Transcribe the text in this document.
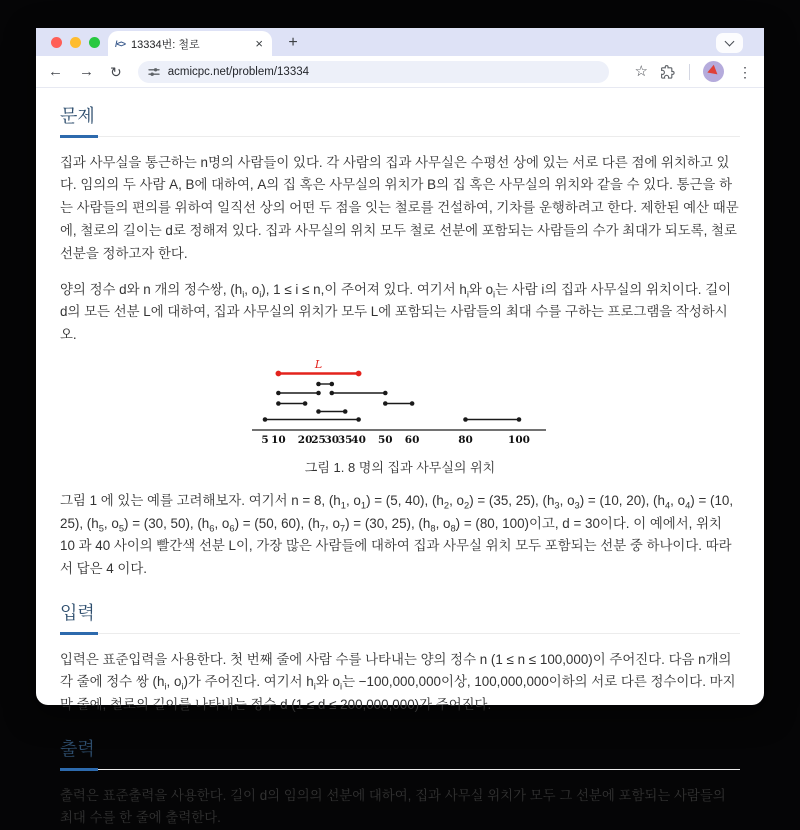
/<> 13334번: 철로	×	+
← → ↻	acmicpc.net/problem/13334	☆	⋮
문제

집과 사무실을 통근하는 n명의 사람들이 있다. 각 사람의 집과 사무실은 수평선 상에 있는 서로 다른 점에 위치하고 있다. 임의의 두 사람 A, B에 대하여, A의 집 혹은 사무실의 위치가 B의 집 혹은 사무실의 위치와 같을 수 있다. 통근을 하는 사람들의 편의를 위하여 일직선 상의 어떤 두 점을 잇는 철로를 건설하여, 기차를 운행하려고 한다. 제한된 예산 때문에, 철로의 길이는 d로 정해져 있다. 집과 사무실의 위치 모두 철로 선분에 포함되는 사람들의 수가 최대가 되도록, 철로 선분을 정하고자 한다.

양의 정수 d와 n 개의 정수쌍, ($h_i$, $o_i$), 1 ≤ i ≤ n,이 주어져 있다. 여기서 $h_i$와 $o_i$는 사람 i의 집과 사무실의 위치이다. 길이 d의 모든 선분 L에 대하여, 집과 사무실의 위치가 모두 L에 포함되는 사람들의 최대 수를 구하는 프로그램을 작성하시오.

L
5 10 20
25
30
35
40 50 60	80	100
그림 1. 8 명의 집과 사무실의 위치

그림 1 에 있는 예를 고려해보자. 여기서 n = 8, ($h_1$, $o_1) = (5$, 40), ($h_2$, $o_2) = (35$, 25), ($h_3$, $o_3) = (10$, 20), ($h_4$, $o_4) = (10$, 25), ($h_5$, $o_5) = (30$, 50), ($h_6$, $o_6) = (50$, 60), ($h_7$, $o_7) = (30$, 25), ($h_8$, $o_8) = (80$, 100)이고, d = 30이다. 이 예에서, 위치 10 과 40 사이의 빨간색 선분 L이, 가장 많은 사람들에 대하여 집과 사무실 위치 모두 포함되는 선분 중 하나이다. 따라서 답은 4 이다.

입력

입력은 표준입력을 사용한다. 첫 번째 줄에 사람 수를 나타내는 양의 정수 n (1 ≤ n ≤ 100,000)이 주어진다. 다음 n개의 각 줄에 정수 쌍 ($h_i$, $o_i$)가 주어진다. 여기서 $h_i$와 $o_i$는 −100,000,000이상, 100,000,000이하의 서로 다른 정수이다. 마지막 줄에, 철로의 길이를 나타내는 정수 d (1 ≤ d ≤ 200,000,000)가 주어진다.

출력

출력은 표준출력을 사용한다. 길이 d의 임의의 선분에 대하여, 집과 사무실 위치가 모두 그 선분에 포함되는 사람들의 최대 수를 한 줄에 출력한다.
